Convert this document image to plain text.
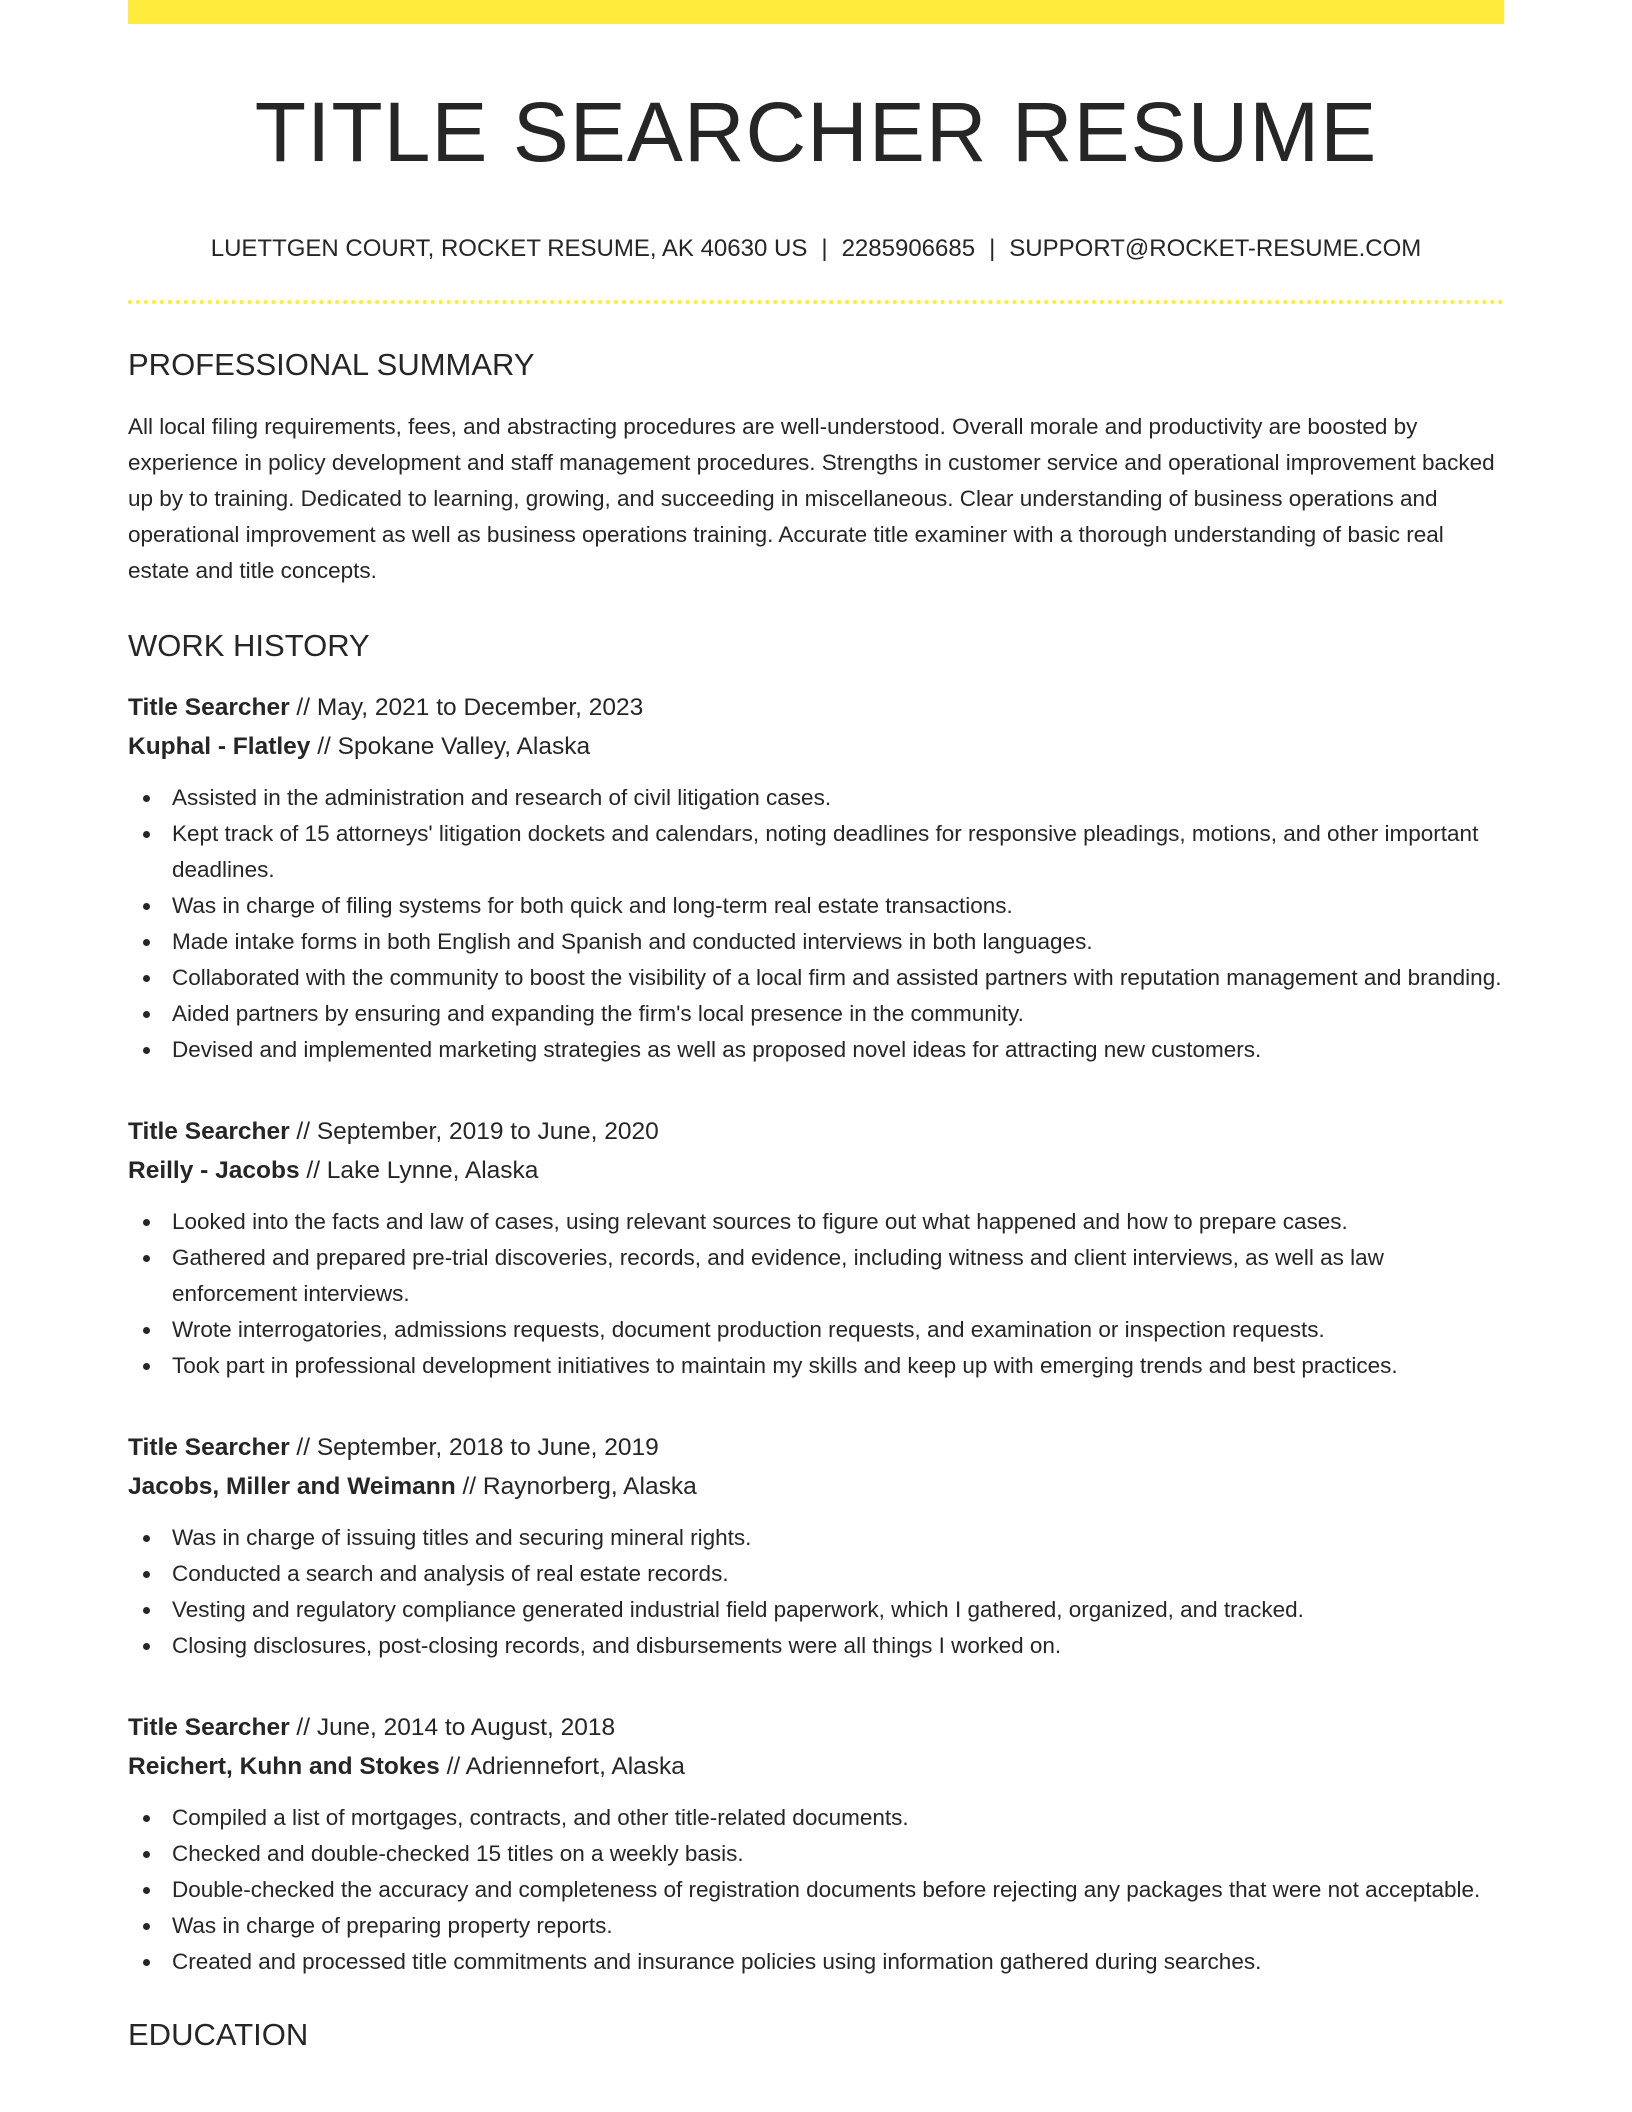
TITLE SEARCHER RESUME
LUETTGEN COURT, ROCKET RESUME, AK 40630 US | 2285906685 | SUPPORT@ROCKET-RESUME.COM
PROFESSIONAL SUMMARY

All local filing requirements, fees, and abstracting procedures are well-understood. Overall morale and productivity are boosted by experience in policy development and staff management procedures. Strengths in customer service and operational improvement backed up by to training. Dedicated to learning, growing, and succeeding in miscellaneous. Clear understanding of business operations and operational improvement as well as business operations training. Accurate title examiner with a thorough understanding of basic real estate and title concepts.

WORK HISTORY
Title Searcher // May, 2021 to December, 2023
Kuphal - Flatley // Spokane Valley, Alaska
Assisted in the administration and research of civil litigation cases.
Kept track of 15 attorneys' litigation dockets and calendars, noting deadlines for responsive pleadings, motions, and other important deadlines.
Was in charge of filing systems for both quick and long-term real estate transactions.
Made intake forms in both English and Spanish and conducted interviews in both languages.
Collaborated with the community to boost the visibility of a local firm and assisted partners with reputation management and branding.
Aided partners by ensuring and expanding the firm's local presence in the community.
Devised and implemented marketing strategies as well as proposed novel ideas for attracting new customers.
Title Searcher // September, 2019 to June, 2020
Reilly - Jacobs // Lake Lynne, Alaska
Looked into the facts and law of cases, using relevant sources to figure out what happened and how to prepare cases.
Gathered and prepared pre-trial discoveries, records, and evidence, including witness and client interviews, as well as law enforcement interviews.
Wrote interrogatories, admissions requests, document production requests, and examination or inspection requests.
Took part in professional development initiatives to maintain my skills and keep up with emerging trends and best practices.
Title Searcher // September, 2018 to June, 2019
Jacobs, Miller and Weimann // Raynorberg, Alaska
Was in charge of issuing titles and securing mineral rights.
Conducted a search and analysis of real estate records.
Vesting and regulatory compliance generated industrial field paperwork, which I gathered, organized, and tracked.
Closing disclosures, post-closing records, and disbursements were all things I worked on.
Title Searcher // June, 2014 to August, 2018
Reichert, Kuhn and Stokes // Adriennefort, Alaska
Compiled a list of mortgages, contracts, and other title-related documents.
Checked and double-checked 15 titles on a weekly basis.
Double-checked the accuracy and completeness of registration documents before rejecting any packages that were not acceptable.
Was in charge of preparing property reports.
Created and processed title commitments and insurance policies using information gathered during searches.
EDUCATION
